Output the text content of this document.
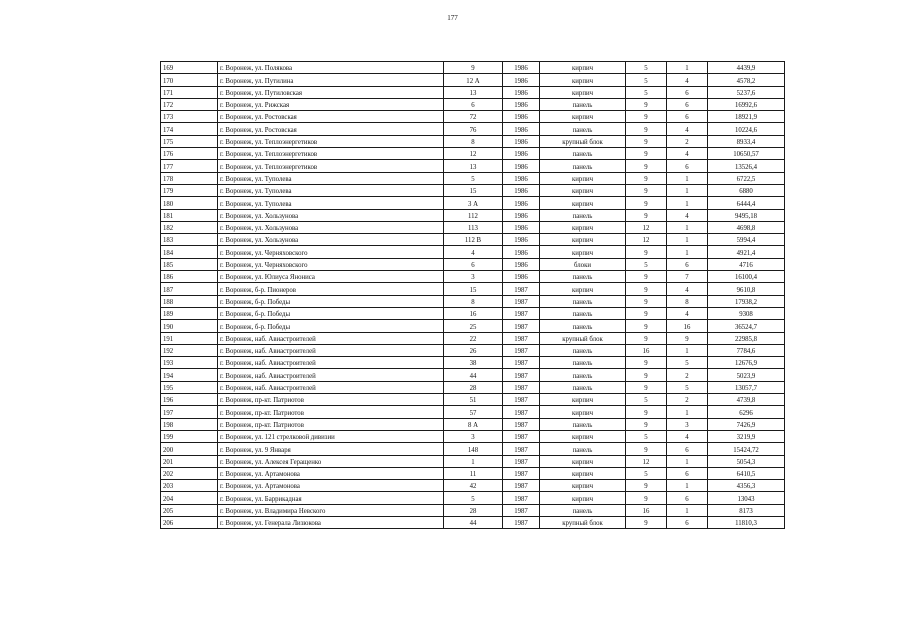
177
169	г. Воронеж, ул. Полякова	9	1986	кирпич	5	1	4439,9
170	г. Воронеж, ул. Путилина	12 А	1986	кирпич	5	4	4578,2
171	г. Воронеж, ул. Путиловская	13	1986	кирпич	5	6	5237,6
172	г. Воронеж, ул. Рижская	6	1986	панель	9	6	16992,6
173	г. Воронеж, ул. Ростовская	72	1986	кирпич	9	6	18921,9
174	г. Воронеж, ул. Ростовская	76	1986	панель	9	4	10224,6
175	г. Воронеж, ул. Теплоэнергетиков	8	1986	крупный блок	9	2	8933,4
176	г. Воронеж, ул. Теплоэнергетиков	12	1986	панель	9	4	10650,57
177	г. Воронеж, ул. Теплоэнергетиков	13	1986	панель	9	6	13526,4
178	г. Воронеж, ул. Туполева	5	1986	кирпич	9	1	6722,5
179	г. Воронеж, ул. Туполева	15	1986	кирпич	9	1	6880
180	г. Воронеж, ул. Туполева	3 А	1986	кирпич	9	1	6444,4
181	г. Воронеж, ул. Хользунова	112	1986	панель	9	4	9495,18
182	г. Воронеж, ул. Хользунова	113	1986	кирпич	12	1	4698,8
183	г. Воронеж, ул. Хользунова	112 В	1986	кирпич	12	1	5994,4
184	г. Воронеж, ул. Черняховского	4	1986	кирпич	9	1	4921,4
185	г. Воронеж, ул. Черняховского	6	1986	блоки	5	6	4716
186	г. Воронеж, ул. Юлиуса Янониса	3	1986	панель	9	7	16100,4
187	г. Воронеж, б-р. Пионеров	15	1987	кирпич	9	4	9610,8
188	г. Воронеж, б-р. Победы	8	1987	панель	9	8	17938,2
189	г. Воронеж, б-р. Победы	16	1987	панель	9	4	9308
190	г. Воронеж, б-р. Победы	25	1987	панель	9	16	36524,7
191	г. Воронеж, наб. Авиастроителей	22	1987	крупный блок	9	9	22985,8
192	г. Воронеж, наб. Авиастроителей	26	1987	панель	16	1	7784,6
193	г. Воронеж, наб. Авиастроителей	38	1987	панель	9	5	12676,9
194	г. Воронеж, наб. Авиастроителей	44	1987	панель	9	2	5023,9
195	г. Воронеж, наб. Авиастроителей	28	1987	панель	9	5	13057,7
196	г. Воронеж, пр-кт. Патриотов	51	1987	кирпич	5	2	4739,8
197	г. Воронеж, пр-кт. Патриотов	57	1987	кирпич	9	1	6296
198	г. Воронеж, пр-кт. Патриотов	8 А	1987	панель	9	3	7426,9
199	г. Воронеж, ул. 121 стрелковой дивизии	3	1987	кирпич	5	4	3219,9
200	г. Воронеж, ул. 9 Января	148	1987	панель	9	6	15424,72
201	г. Воронеж, ул. Алексея Геращенко	1	1987	кирпич	12	1	5054,3
202	г. Воронеж, ул. Артамонова	11	1987	кирпич	5	6	6410,5
203	г. Воронеж, ул. Артамонова	42	1987	кирпич	9	1	4356,3
204	г. Воронеж, ул. Баррикадная	5	1987	кирпич	9	6	13043
205	г. Воронеж, ул. Владимира Невского	28	1987	панель	16	1	8173
206	г. Воронеж, ул. Генерала Лизюкова	44	1987	крупный блок	9	6	11810,3
